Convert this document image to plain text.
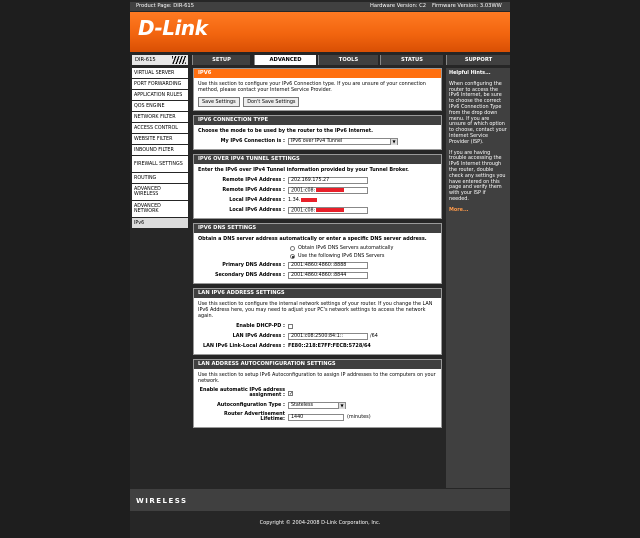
Product Page: DIR-615	Hardware Version: C2 Firmware Version: 3.03WW
D-Link
DIR-615	SETUP	ADVANCED	TOOLS	STATUS	SUPPORT
VIRTUAL SERVER
PORT FORWARDING
APPLICATION RULES
QOS ENGINE
NETWORK FILTER
ACCESS CONTROL
WEBSITE FILTER
INBOUND FILTER
FIREWALL SETTINGS
ROUTING
ADVANCED WIRELESS
ADVANCED NETWORK
IPv6
IPV6

Use this section to configure your IPv6 Connection type. If you are unsure of your connection method, please contact your Internet Service Provider.

Save Settings Don't Save Settings
IPV6 CONNECTION TYPE

Choose the mode to be used by the router to the IPv6 Internet.

My IPv6 Connection is :	IPv6 over IPv4 Tunnel	▼
IPV6 OVER IPV4 TUNNEL SETTINGS

Enter the IPv6 over IPv4 Tunnel information provided by your Tunnel Broker.

Remote IPv4 Address :	202.169.175.27
Remote IPv6 Address :	2001:c08:
Local IPv4 Address : 1.34.
Local IPv6 Address :	2001:c08:
IPV6 DNS SETTINGS

Obtain a DNS server address automatically or enter a specific DNS server address.

Obtain IPv6 DNS Servers automatically
Use the following IPv6 DNS Servers
Primary DNS Address :	2001:4860:4860::8888
Secondary DNS Address :	2001:4860:4860::8844
LAN IPV6 ADDRESS SETTINGS

Use this section to configure the internal network settings of your router. If you change the LAN IPv6 Address here, you may need to adjust your PC's network settings to access the network again.

Enable DHCP-PD :
LAN IPv6 Address :	2001:c08:2500:84:1::	/64
LAN IPv6 Link-Local Address : FE80::218:E7FF:FECB:5728/64
LAN ADDRESS AUTOCONFIGURATION SETTINGS

Use this section to setup IPv6 Autoconfiguration to assign IP addresses to the computers on your network.

Enable automatic IPv6 address assignment : ✓
Autoconfiguration Type :	Stateless	▼
Router Advertisement Lifetime:	1440	(minutes)
Helpful Hints...

When configuring the router to access the IPv6 Internet, be sure to choose the correct IPv6 Connection Type from the drop down menu. If you are unsure of which option to choose, contact your Internet Service Provider (ISP).

If you are having trouble accessing the IPv6 Internet through the router, double check any settings you have entered on this page and verify them with your ISP if needed.

More...

WIRELESS
Copyright © 2004-2008 D-Link Corporation, Inc.
